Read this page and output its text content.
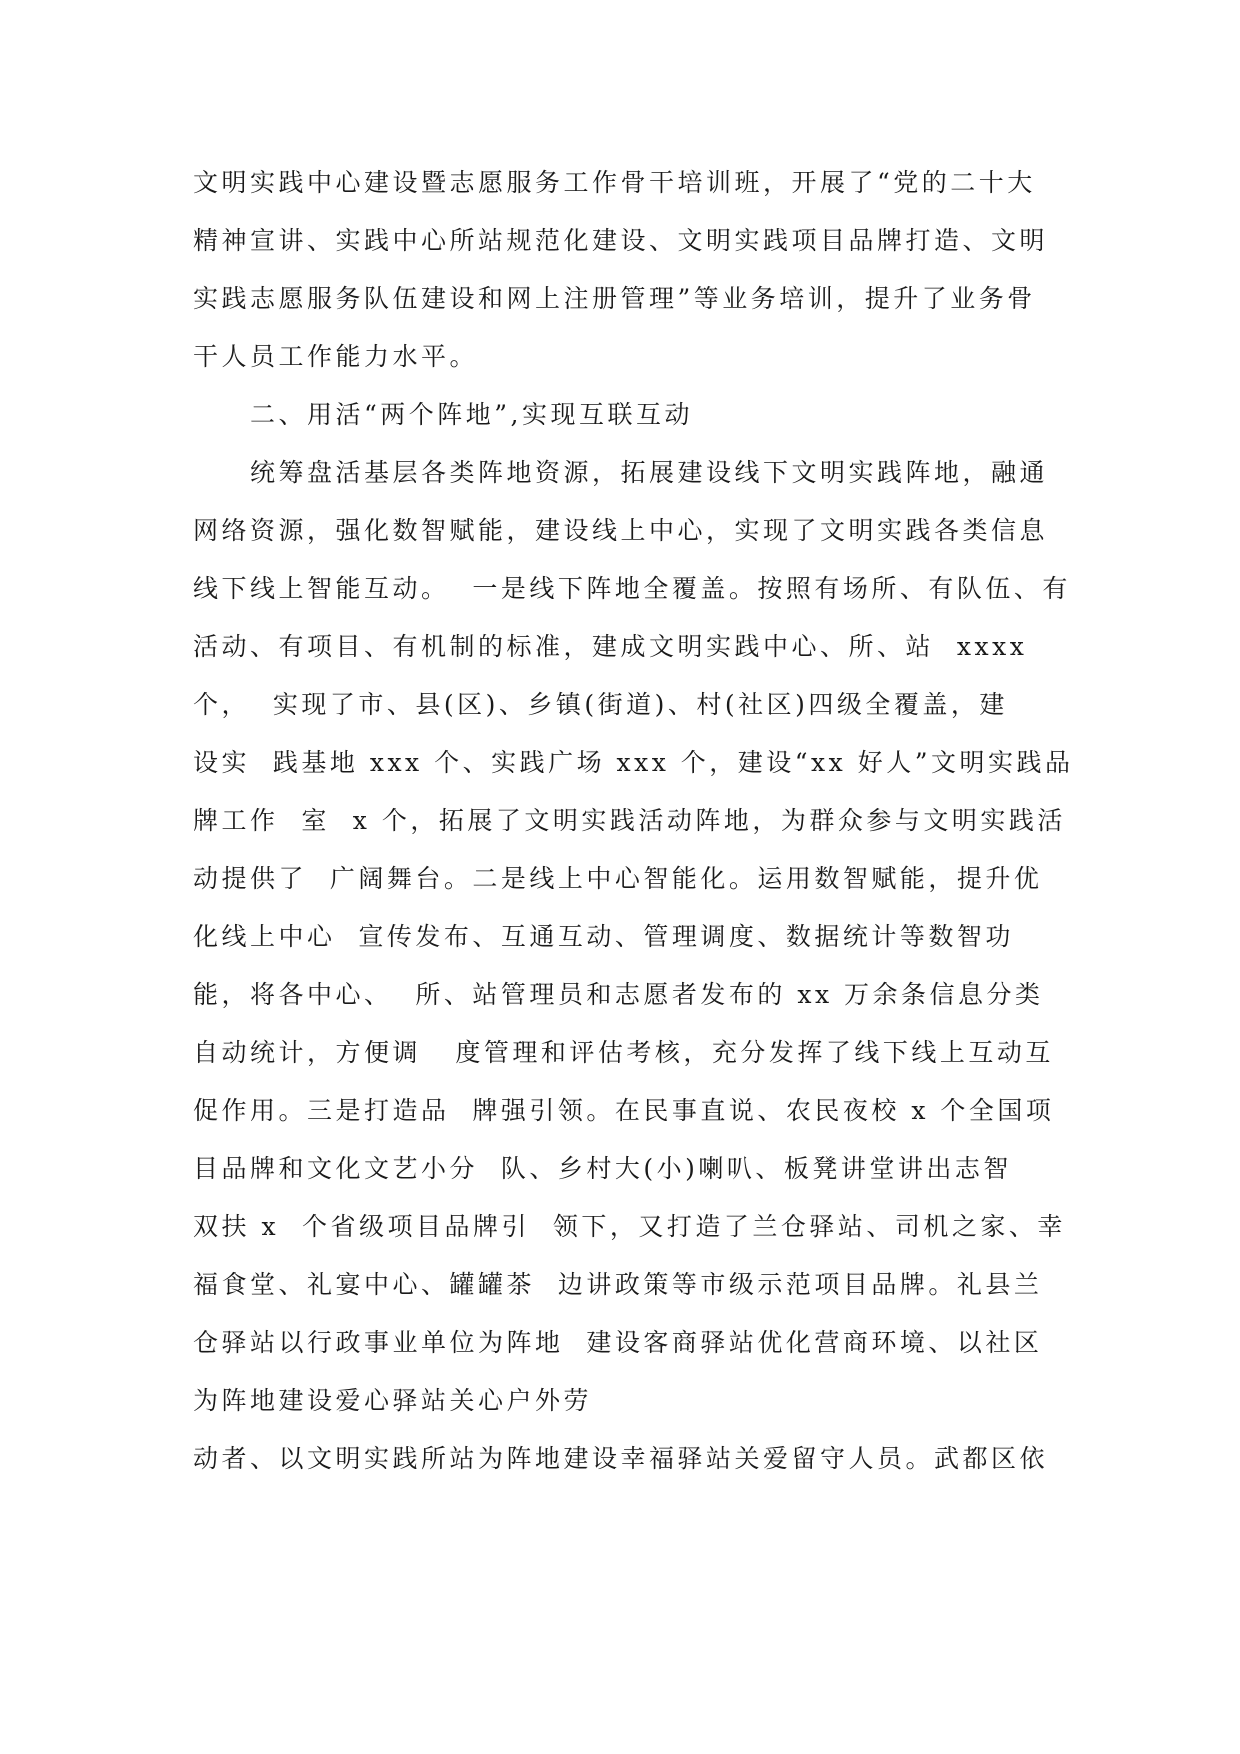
文明实践中心建设暨志愿服务工作骨干培训班，开展了“党的二十大
精神宣讲、实践中心所站规范化建设、文明实践项目品牌打造、文明
实践志愿服务队伍建设和网上注册管理”等业务培训，提升了业务骨
干人员工作能力水平。
二、用活“两个阵地”,实现互联互动
统筹盘活基层各类阵地资源，拓展建设线下文明实践阵地，融通
网络资源，强化数智赋能，建设线上中心，实现了文明实践各类信息
线下线上智能互动。  一是线下阵地全覆盖。按照有场所、有队伍、有
活动、有项目、有机制的标准，建成文明实践中心、所、站  xxxx
个，  实现了市、县(区)、乡镇(街道)、村(社区)四级全覆盖，建
设实  践基地 xxx 个、实践广场 xxx 个，建设“xx 好人”文明实践品
牌工作  室  x 个，拓展了文明实践活动阵地，为群众参与文明实践活
动提供了  广阔舞台。二是线上中心智能化。运用数智赋能，提升优
化线上中心  宣传发布、互通互动、管理调度、数据统计等数智功
能，将各中心、  所、站管理员和志愿者发布的 xx 万余条信息分类
自动统计，方便调   度管理和评估考核，充分发挥了线下线上互动互
促作用。三是打造品  牌强引领。在民事直说、农民夜校 x 个全国项
目品牌和文化文艺小分  队、乡村大(小)喇叭、板凳讲堂讲出志智
双扶 x  个省级项目品牌引  领下，又打造了兰仓驿站、司机之家、幸
福食堂、礼宴中心、罐罐茶  边讲政策等市级示范项目品牌。礼县兰
仓驿站以行政事业单位为阵地  建设客商驿站优化营商环境、以社区
为阵地建设爱心驿站关心户外劳
动者、以文明实践所站为阵地建设幸福驿站关爱留守人员。武都区依
